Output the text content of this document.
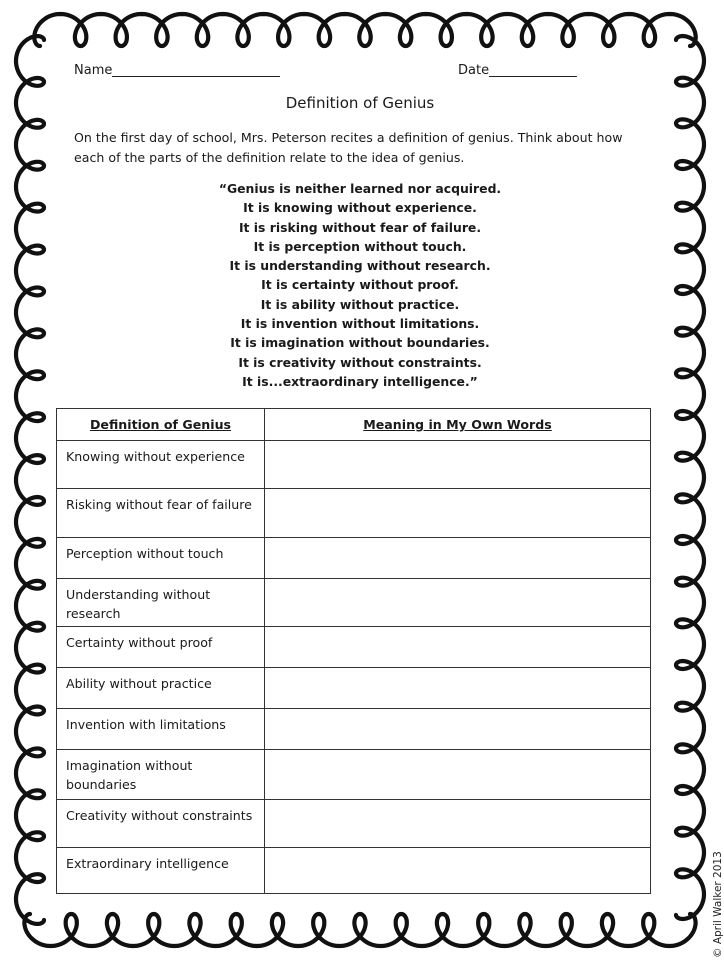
Name	Date
Definition of Genius
On the first day of school, Mrs. Peterson recites a definition of genius. Think about how each of the parts of the definition relate to the idea of genius.
“Genius is neither learned nor acquired.
It is knowing without experience.
It is risking without fear of failure.
It is perception without touch.
It is understanding without research.
It is certainty without proof.
It is ability without practice.
It is invention without limitations.
It is imagination without boundaries.
It is creativity without constraints.
It is...extraordinary intelligence.”
Definition of Genius	Meaning in My Own Words
Knowing without experience	
Risking without fear of failure	
Perception without touch	
Understanding without research	
Certainty without proof	
Ability without practice	
Invention with limitations	
Imagination without boundaries	
Creativity without constraints	
Extraordinary intelligence		© April Walker 2013
